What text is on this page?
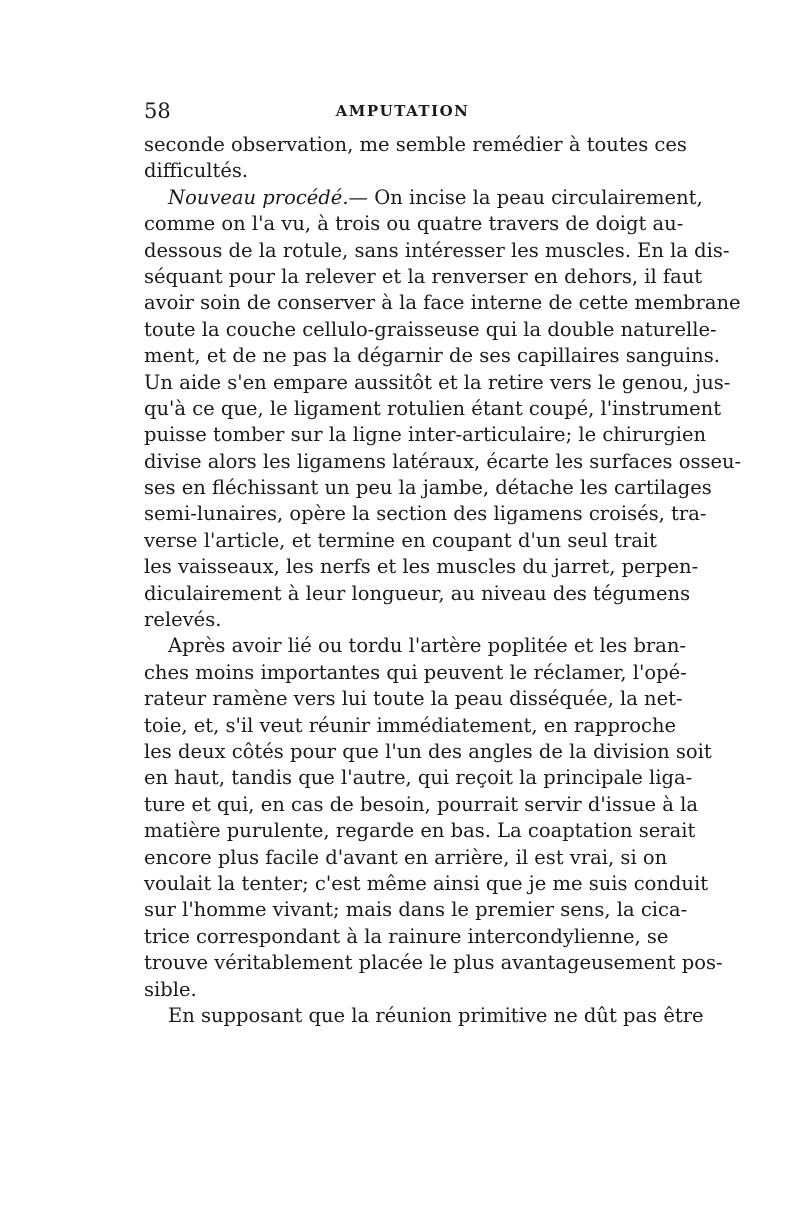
58	AMPUTATION
seconde observation, me semble remédier à toutes ces
difficultés.
Nouveau procédé.— On incise la peau circulairement,
comme on l'a vu, à trois ou quatre travers de doigt au-
dessous de la rotule, sans intéresser les muscles. En la dis-
séquant pour la relever et la renverser en dehors, il faut
avoir soin de conserver à la face interne de cette membrane
toute la couche cellulo-graisseuse qui la double naturelle-
ment, et de ne pas la dégarnir de ses capillaires sanguins.
Un aide s'en empare aussitôt et la retire vers le genou, jus-
qu'à ce que, le ligament rotulien étant coupé, l'instrument
puisse tomber sur la ligne inter-articulaire; le chirurgien
divise alors les ligamens latéraux, écarte les surfaces osseu-
ses en fléchissant un peu la jambe, détache les cartilages
semi-lunaires, opère la section des ligamens croisés, tra-
verse l'article, et termine en coupant d'un seul trait
les vaisseaux, les nerfs et les muscles du jarret, perpen-
diculairement à leur longueur, au niveau des tégumens
relevés.
Après avoir lié ou tordu l'artère poplitée et les bran-
ches moins importantes qui peuvent le réclamer, l'opé-
rateur ramène vers lui toute la peau disséquée, la net-
toie, et, s'il veut réunir immédiatement, en rapproche
les deux côtés pour que l'un des angles de la division soit
en haut, tandis que l'autre, qui reçoit la principale liga-
ture et qui, en cas de besoin, pourrait servir d'issue à la
matière purulente, regarde en bas. La coaptation serait
encore plus facile d'avant en arrière, il est vrai, si on
voulait la tenter; c'est même ainsi que je me suis conduit
sur l'homme vivant; mais dans le premier sens, la cica-
trice correspondant à la rainure intercondylienne, se
trouve véritablement placée le plus avantageusement pos-
sible.
En supposant que la réunion primitive ne dût pas être
